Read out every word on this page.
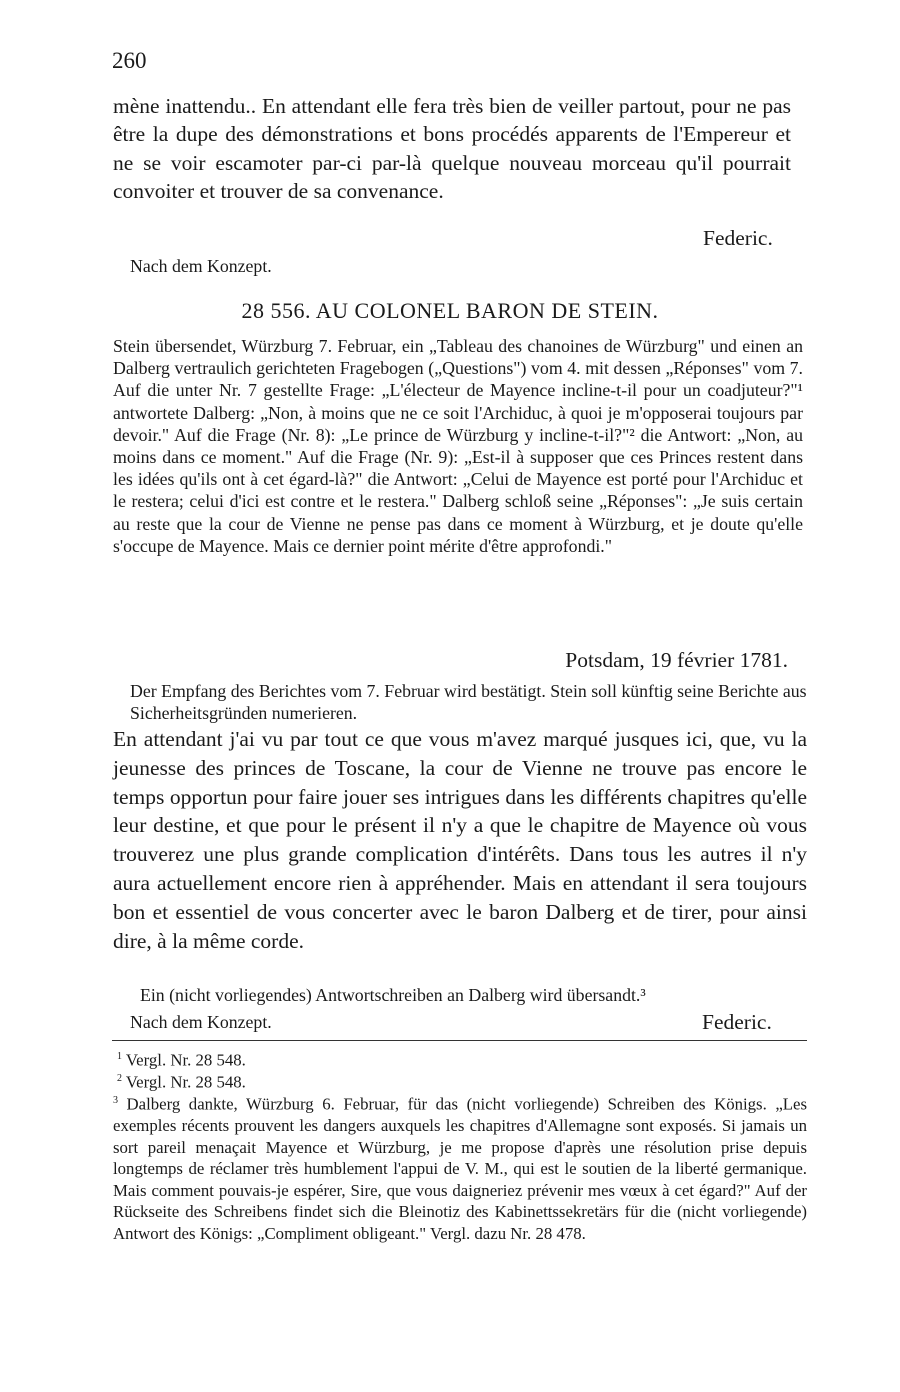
260

mène inattendu.. En attendant elle fera très bien de veiller partout, pour ne pas être la dupe des démonstrations et bons procédés apparents de l'Empereur et ne se voir escamoter par-ci par-là quelque nouveau morceau qu'il pourrait convoiter et trouver de sa convenance.

Federic.
Nach dem Konzept.
28 556. AU COLONEL BARON DE STEIN.

Stein übersendet, Würzburg 7. Februar, ein „Tableau des chanoines de Würzburg" und einen an Dalberg vertraulich gerichteten Fragebogen („Questions") vom 4. mit dessen „Réponses" vom 7. Auf die unter Nr. 7 gestellte Frage: „L'électeur de Mayence incline-t-il pour un coadjuteur?"¹ antwortete Dalberg: „Non, à moins que ne ce soit l'Archiduc, à quoi je m'opposerai toujours par devoir." Auf die Frage (Nr. 8): „Le prince de Würzburg y incline-t-il?"² die Antwort: „Non, au moins dans ce moment." Auf die Frage (Nr. 9): „Est-il à supposer que ces Princes restent dans les idées qu'ils ont à cet égard-là?" die Antwort: „Celui de Mayence est porté pour l'Archiduc et le restera; celui d'ici est contre et le restera." Dalberg schloß seine „Réponses": „Je suis certain au reste que la cour de Vienne ne pense pas dans ce moment à Würzburg, et je doute qu'elle s'occupe de Mayence. Mais ce dernier point mérite d'être approfondi."

Potsdam, 19 février 1781.

Der Empfang des Berichtes vom 7. Februar wird bestätigt. Stein soll künftig seine Berichte aus Sicherheitsgründen numerieren.

En attendant j'ai vu par tout ce que vous m'avez marqué jusques ici, que, vu la jeunesse des princes de Toscane, la cour de Vienne ne trouve pas encore le temps opportun pour faire jouer ses intrigues dans les différents chapitres qu'elle leur destine, et que pour le présent il n'y a que le chapitre de Mayence où vous trouverez une plus grande complication d'intérêts. Dans tous les autres il n'y aura actuellement encore rien à appréhender. Mais en attendant il sera toujours bon et essentiel de vous concerter avec le baron Dalberg et de tirer, pour ainsi dire, à la même corde.

Ein (nicht vorliegendes) Antwortschreiben an Dalberg wird übersandt.³

Nach dem Konzept.	Federic.

$^1$ Vergl. Nr. 28 548.

$^2$ Vergl. Nr. 28 548.

$^3$ Dalberg dankte, Würzburg 6. Februar, für das (nicht vorliegende) Schreiben des Königs. „Les exemples récents prouvent les dangers auxquels les chapitres d'Allemagne sont exposés. Si jamais un sort pareil menaçait Mayence et Würzburg, je me propose d'après une résolution prise depuis longtemps de réclamer très humblement l'appui de V. M., qui est le soutien de la liberté germanique. Mais comment pouvais-je espérer, Sire, que vous daigneriez prévenir mes vœux à cet égard?" Auf der Rückseite des Schreibens findet sich die Bleinotiz des Kabinettssekretärs für die (nicht vorliegende) Antwort des Königs: „Compliment obligeant." Vergl. dazu Nr. 28 478.
